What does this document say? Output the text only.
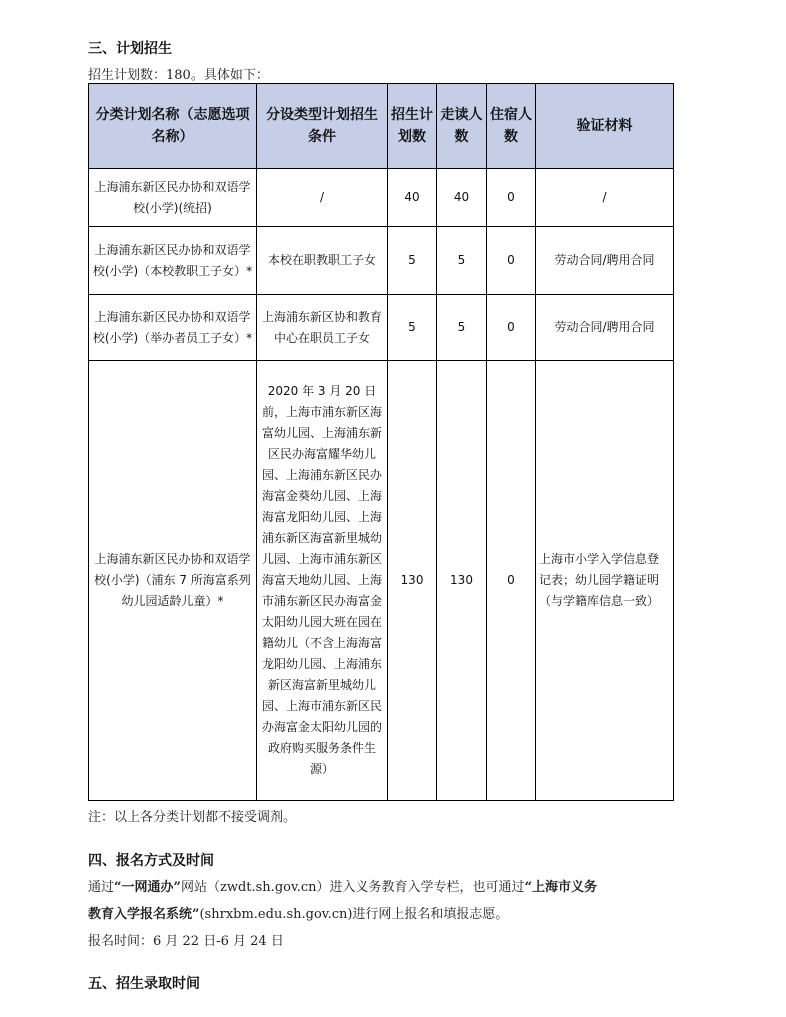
三、计划招生

招生计划数：180。具体如下：

分类计划名称（志愿选项名称）	分设类型计划招生条件	招生计划数	走读人数	住宿人数	验证材料
上海浦东新区民办协和双语学校(小学)(统招)	/	40	40	0	/
上海浦东新区民办协和双语学校(小学)（本校教职工子女）*	本校在职教职工子女	5	5	0	劳动合同/聘用合同
上海浦东新区民办协和双语学校(小学)（举办者员工子女）*	上海浦东新区协和教育中心在职员工子女	5	5	0	劳动合同/聘用合同
上海浦东新区民办协和双语学校(小学)（浦东 7 所海富系列幼儿园适龄儿童）*	2020 年 3 月 20 日前，上海市浦东新区海富幼儿园、上海浦东新区民办海富耀华幼儿园、上海浦东新区民办海富金葵幼儿园、上海海富龙阳幼儿园、上海浦东新区海富新里城幼儿园、上海市浦东新区海富天地幼儿园、上海市浦东新区民办海富金太阳幼儿园大班在园在籍幼儿（不含上海海富龙阳幼儿园、上海浦东新区海富新里城幼儿园、上海市浦东新区民办海富金太阳幼儿园的政府购买服务条件生源）	130	130	0	上海市小学入学信息登记表；幼儿园学籍证明（与学籍库信息一致）

注：以上各分类计划都不接受调剂。

四、报名方式及时间

通过“一网通办”网站（zwdt.sh.gov.cn）进入义务教育入学专栏，也可通过“上海市义务

教育入学报名系统”(shrxbm.edu.sh.gov.cn)进行网上报名和填报志愿。

报名时间：6 月 22 日-6 月 24 日

五、招生录取时间
